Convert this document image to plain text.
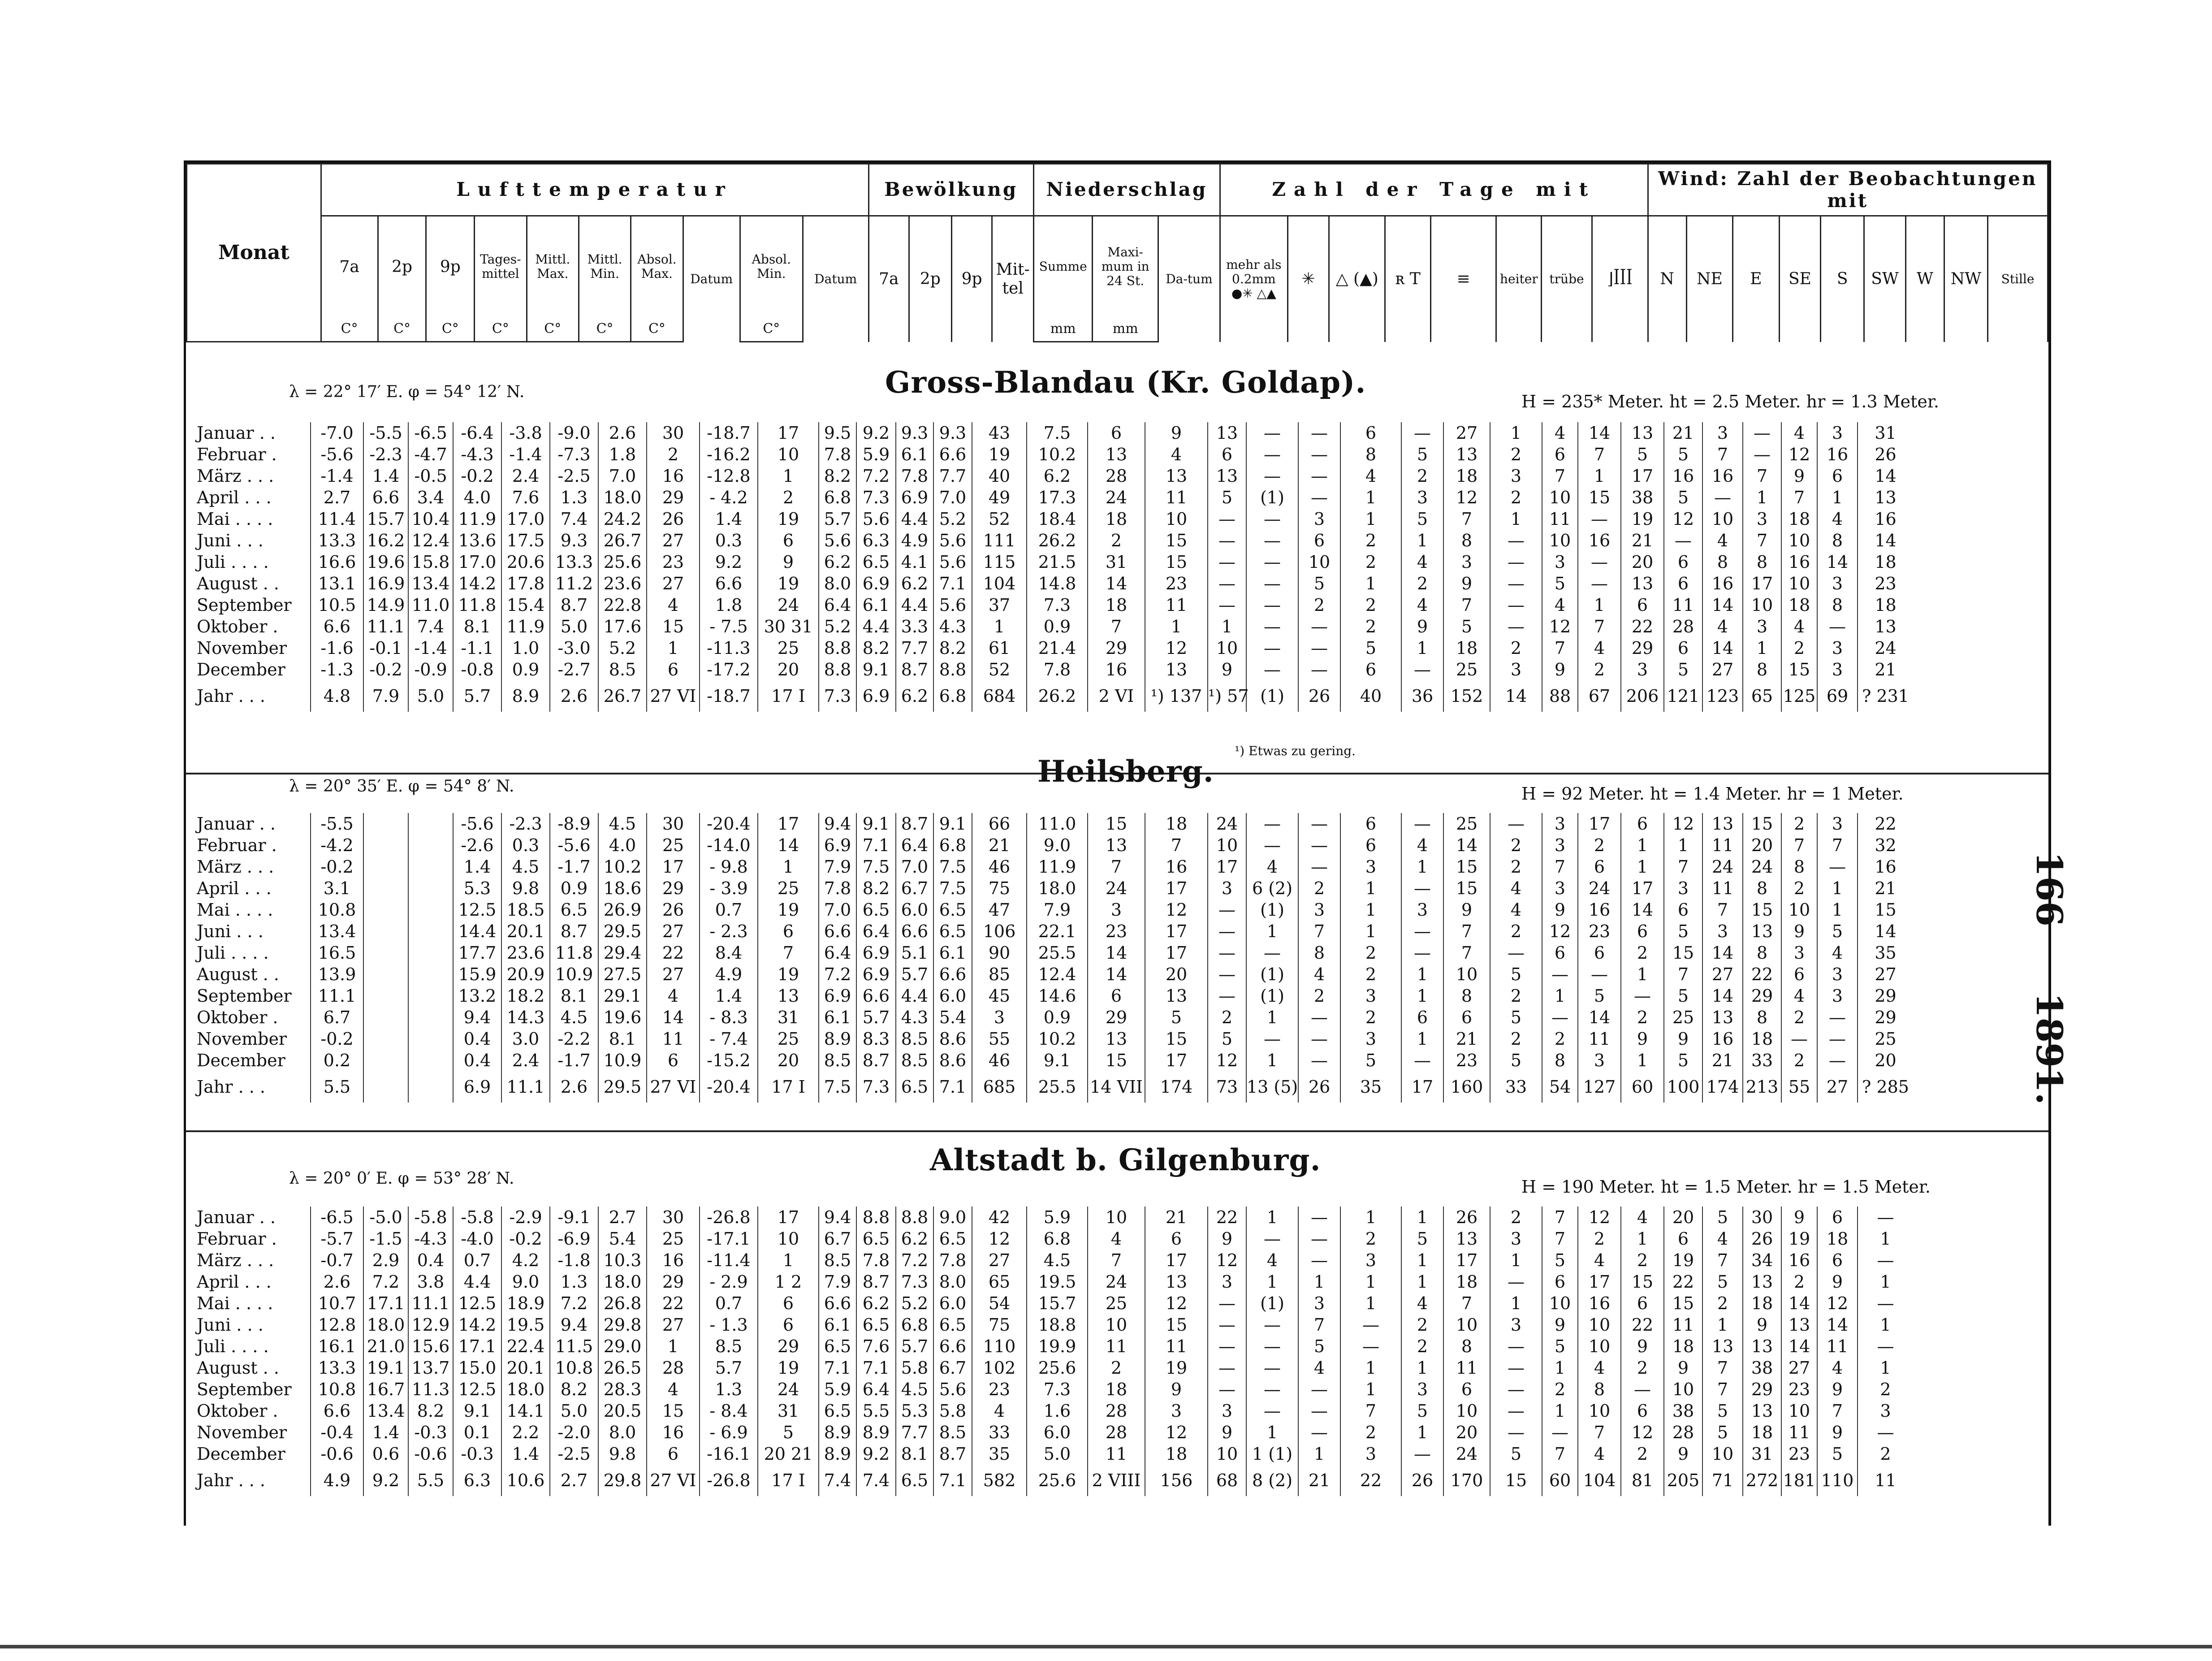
Monat	Lufttemperatur										Bewölkung				Niederschlag			Zahl der Tage mit								Wind: Zahl der Beobachtungen mit								
	7a	2p	9p	Tages-mittel	Mittl. Max.	Mittl. Min.	Absol. Max.	Datum	Absol. Min.	Datum	7a	2p	9p	Mit-tel	Summe	Maxi-mum in 24 St.	Da-tum	mehr als 0.2mm ●✳ △▲	✳	△ (▲)	ʀ T	≡	heiter	trübe	⌋ꟾꟾꟾ	N	NE	E	SE	S	SW	W	NW	Stille
	C°	C°	C°	C°	C°	C°	C°		C°						mm	mm																		
λ = 22° 17′ E. φ = 54° 12′ N.	Gross-Blandau (Kr. Goldap).
H = 235* Meter. ht = 2.5 Meter. hr = 1.3 Meter.
Januar . .	-7.0	-5.5	-6.5	-6.4	-3.8	-9.0	2.6	30	-18.7	17	9.5	9.2	9.3	9.3	43	7.5	6	9	13	—	—	6	—	27	1	4	14	13	21	3	—	4	3	31
Februar .	-5.6	-2.3	-4.7	-4.3	-1.4	-7.3	1.8	2	-16.2	10	7.8	5.9	6.1	6.6	19	10.2	13	4	6	—	—	8	5	13	2	6	7	5	5	7	—	12	16	26
März . . .	-1.4	1.4	-0.5	-0.2	2.4	-2.5	7.0	16	-12.8	1	8.2	7.2	7.8	7.7	40	6.2	28	13	13	—	—	4	2	18	3	7	1	17	16	16	7	9	6	14
April . . .	2.7	6.6	3.4	4.0	7.6	1.3	18.0	29	- 4.2	2	6.8	7.3	6.9	7.0	49	17.3	24	11	5	(1)	—	1	3	12	2	10	15	38	5	—	1	7	1	13
Mai . . . .	11.4	15.7	10.4	11.9	17.0	7.4	24.2	26	1.4	19	5.7	5.6	4.4	5.2	52	18.4	18	10	—	—	3	1	5	7	1	11	—	19	12	10	3	18	4	16
Juni . . .	13.3	16.2	12.4	13.6	17.5	9.3	26.7	27	0.3	6	5.6	6.3	4.9	5.6	111	26.2	2	15	—	—	6	2	1	8	—	10	16	21	—	4	7	10	8	14
Juli . . . .	16.6	19.6	15.8	17.0	20.6	13.3	25.6	23	9.2	9	6.2	6.5	4.1	5.6	115	21.5	31	15	—	—	10	2	4	3	—	3	—	20	6	8	8	16	14	18
August . .	13.1	16.9	13.4	14.2	17.8	11.2	23.6	27	6.6	19	8.0	6.9	6.2	7.1	104	14.8	14	23	—	—	5	1	2	9	—	5	—	13	6	16	17	10	3	23
September	10.5	14.9	11.0	11.8	15.4	8.7	22.8	4	1.8	24	6.4	6.1	4.4	5.6	37	7.3	18	11	—	—	2	2	4	7	—	4	1	6	11	14	10	18	8	18
Oktober .	6.6	11.1	7.4	8.1	11.9	5.0	17.6	15	- 7.5	30 31	5.2	4.4	3.3	4.3	1	0.9	7	1	1	—	—	2	9	5	—	12	7	22	28	4	3	4	—	13
November	-1.6	-0.1	-1.4	-1.1	1.0	-3.0	5.2	1	-11.3	25	8.8	8.2	7.7	8.2	61	21.4	29	12	10	—	—	5	1	18	2	7	4	29	6	14	1	2	3	24
December	-1.3	-0.2	-0.9	-0.8	0.9	-2.7	8.5	6	-17.2	20	8.8	9.1	8.7	8.8	52	7.8	16	13	9	—	—	6	—	25	3	9	2	3	5	27	8	15	3	21
Jahr . . .	4.8	7.9	5.0	5.7	8.9	2.6	26.7	27 VI	-18.7	17 I	7.3	6.9	6.2	6.8	684	26.2	2 VI	¹) 137	¹) 57	(1)	26	40	36	152	14	88	67	206	121	123	65	125	69	? 231
¹) Etwas zu gering.
λ = 20° 35′ E. φ = 54° 8′ N.	Heilsberg.
H = 92 Meter. ht = 1.4 Meter. hr = 1 Meter.
Januar . .	-5.5			-5.6	-2.3	-8.9	4.5	30	-20.4	17	9.4	9.1	8.7	9.1	66	11.0	15	18	24	—	—	6	—	25	—	3	17	6	12	13	15	2	3	22
Februar .	-4.2			-2.6	0.3	-5.6	4.0	25	-14.0	14	6.9	7.1	6.4	6.8	21	9.0	13	7	10	—	—	6	4	14	2	3	2	1	1	11	20	7	7	32
März . . .	-0.2			1.4	4.5	-1.7	10.2	17	- 9.8	1	7.9	7.5	7.0	7.5	46	11.9	7	16	17	4	—	3	1	15	2	7	6	1	7	24	24	8	—	16
April . . .	3.1			5.3	9.8	0.9	18.6	29	- 3.9	25	7.8	8.2	6.7	7.5	75	18.0	24	17	3	6 (2)	2	1	—	15	4	3	24	17	3	11	8	2	1	21
Mai . . . .	10.8			12.5	18.5	6.5	26.9	26	0.7	19	7.0	6.5	6.0	6.5	47	7.9	3	12	—	(1)	3	1	3	9	4	9	16	14	6	7	15	10	1	15
Juni . . .	13.4			14.4	20.1	8.7	29.5	27	- 2.3	6	6.6	6.4	6.6	6.5	106	22.1	23	17	—	1	7	1	—	7	2	12	23	6	5	3	13	9	5	14
Juli . . . .	16.5			17.7	23.6	11.8	29.4	22	8.4	7	6.4	6.9	5.1	6.1	90	25.5	14	17	—	—	8	2	—	7	—	6	6	2	15	14	8	3	4	35
August . .	13.9			15.9	20.9	10.9	27.5	27	4.9	19	7.2	6.9	5.7	6.6	85	12.4	14	20	—	(1)	4	2	1	10	5	—	—	1	7	27	22	6	3	27
September	11.1			13.2	18.2	8.1	29.1	4	1.4	13	6.9	6.6	4.4	6.0	45	14.6	6	13	—	(1)	2	3	1	8	2	1	5	—	5	14	29	4	3	29
Oktober .	6.7			9.4	14.3	4.5	19.6	14	- 8.3	31	6.1	5.7	4.3	5.4	3	0.9	29	5	2	1	—	2	6	6	5	—	14	2	25	13	8	2	—	29
November	-0.2			0.4	3.0	-2.2	8.1	11	- 7.4	25	8.9	8.3	8.5	8.6	55	10.2	13	15	5	—	—	3	1	21	2	2	11	9	9	16	18	—	—	25
December	0.2			0.4	2.4	-1.7	10.9	6	-15.2	20	8.5	8.7	8.5	8.6	46	9.1	15	17	12	1	—	5	—	23	5	8	3	1	5	21	33	2	—	20
Jahr . . .	5.5			6.9	11.1	2.6	29.5	27 VI	-20.4	17 I	7.5	7.3	6.5	7.1	685	25.5	14 VII	174	73	13 (5)	26	35	17	160	33	54	127	60	100	174	213	55	27	? 285
λ = 20° 0′ E. φ = 53° 28′ N.
Altstadt b. Gilgenburg.
H = 190 Meter. ht = 1.5 Meter. hr = 1.5 Meter.
Januar . .	-6.5	-5.0	-5.8	-5.8	-2.9	-9.1	2.7	30	-26.8	17	9.4	8.8	8.8	9.0	42	5.9	10	21	22	1	—	1	1	26	2	7	12	4	20	5	30	9	6	—
Februar .	-5.7	-1.5	-4.3	-4.0	-0.2	-6.9	5.4	25	-17.1	10	6.7	6.5	6.2	6.5	12	6.8	4	6	9	—	—	2	5	13	3	7	2	1	6	4	26	19	18	1
März . . .	-0.7	2.9	0.4	0.7	4.2	-1.8	10.3	16	-11.4	1	8.5	7.8	7.2	7.8	27	4.5	7	17	12	4	—	3	1	17	1	5	4	2	19	7	34	16	6	—
April . . .	2.6	7.2	3.8	4.4	9.0	1.3	18.0	29	- 2.9	1 2	7.9	8.7	7.3	8.0	65	19.5	24	13	3	1	1	1	1	18	—	6	17	15	22	5	13	2	9	1
Mai . . . .	10.7	17.1	11.1	12.5	18.9	7.2	26.8	22	0.7	6	6.6	6.2	5.2	6.0	54	15.7	25	12	—	(1)	3	1	4	7	1	10	16	6	15	2	18	14	12	—
Juni . . .	12.8	18.0	12.9	14.2	19.5	9.4	29.8	27	- 1.3	6	6.1	6.5	6.8	6.5	75	18.8	10	15	—	—	7	—	2	10	3	9	10	22	11	1	9	13	14	1
Juli . . . .	16.1	21.0	15.6	17.1	22.4	11.5	29.0	1	8.5	29	6.5	7.6	5.7	6.6	110	19.9	11	11	—	—	5	—	2	8	—	5	10	9	18	13	13	14	11	—
August . .	13.3	19.1	13.7	15.0	20.1	10.8	26.5	28	5.7	19	7.1	7.1	5.8	6.7	102	25.6	2	19	—	—	4	1	1	11	—	1	4	2	9	7	38	27	4	1
September	10.8	16.7	11.3	12.5	18.0	8.2	28.3	4	1.3	24	5.9	6.4	4.5	5.6	23	7.3	18	9	—	—	—	1	3	6	—	2	8	—	10	7	29	23	9	2
Oktober .	6.6	13.4	8.2	9.1	14.1	5.0	20.5	15	- 8.4	31	6.5	5.5	5.3	5.8	4	1.6	28	3	3	—	—	7	5	10	—	1	10	6	38	5	13	10	7	3
November	-0.4	1.4	-0.3	0.1	2.2	-2.0	8.0	16	- 6.9	5	8.9	8.9	7.7	8.5	33	6.0	28	12	9	1	—	2	1	20	—	—	7	12	28	5	18	11	9	—
December	-0.6	0.6	-0.6	-0.3	1.4	-2.5	9.8	6	-16.1	20 21	8.9	9.2	8.1	8.7	35	5.0	11	18	10	1 (1)	1	3	—	24	5	7	4	2	9	10	31	23	5	2
Jahr . . .	4.9	9.2	5.5	6.3	10.6	2.7	29.8	27 VI	-26.8	17 I	7.4	7.4	6.5	7.1	582	25.6	2 VIII	156	68	8 (2)	21	22	26	170	15	60	104	81	205	71	272	181	110	11
166 1891.
